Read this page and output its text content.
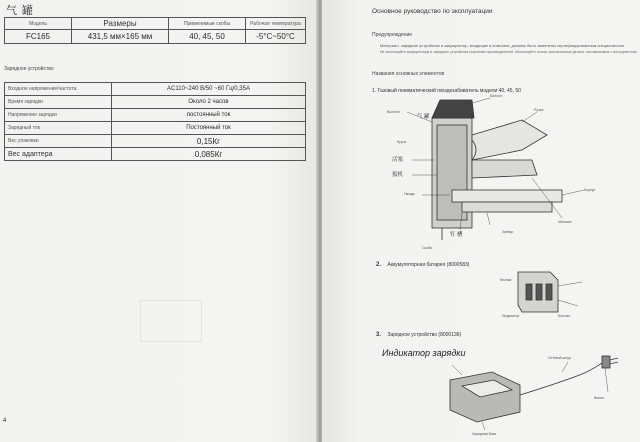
气 罐
Модель	Размеры	Применимые скобы	Рабочая температура
FC165	431,5 мм×165 мм	40, 45, 50	-5°C~50°C
Зарядное устройство
Входное напряжение/частота	AC110~240 В/50 ~60 Гц/0,35A
Время зарядки	Около 2 часов
Напряжение зарядки	постоянный ток
Зарядный ток	Постоянный ток
Вес упаковки	0,15Кг
Вес адаптера	0,085Кг
4
Основное руководство по эксплуатации
Предупреждение
Материал, зарядное устройство и аккумулятор, входящие в комплект, должны быть заменены сертифицированным специалистом.
Не используйте аккумуляторы и зарядные устройства сторонних производителей. Используйте только оригинальные детали, поставляемые с инструментом.
Названия основных элементов
1. Газовый пневматический гвоздезабиватель модели 40, 45, 50
气 罐
活塞
扳机
钉 槽
Выхлоп
Баллон
Ручка
Корпус
Гвоздь
Курок
Магазин
Затвор
Скоба
2. Аккумуляторная батарея (8000583)
Кнопка
Индикатор	Контакт
3. Зарядное устройство (8000136)
Индикатор зарядки	Сетевой шнур
Вилка
Зарядная база
